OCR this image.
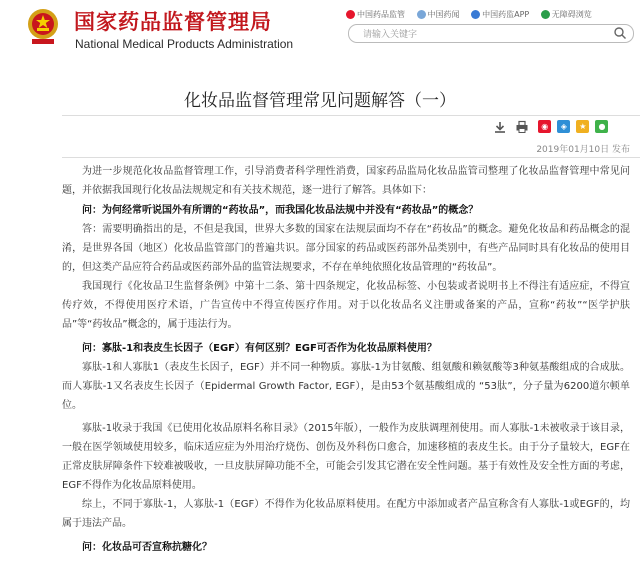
国家药品监督管理局
National Medical Products Administration
中国药品监管	中国药闻	中国药监APP	无障碍浏览
请输入关键字
化妆品监督管理常见问题解答（一）
◉ ◈ ★ ●
2019年01月10日 发布

为进一步规范化妆品监督管理工作，引导消费者科学理性消费，国家药品监局化妆品监管司整理了化妆品监督管理中常见问题，并依据我国现行化妆品法规规定和有关技术规范，逐一进行了解答。具体如下：

问：为何经常听说国外有所谓的“药妆品”，而我国化妆品法规中并没有“药妆品”的概念？

答：需要明确指出的是，不但是我国，世界大多数的国家在法规层面均不存在“药妆品”的概念。避免化妆品和药品概念的混淆，是世界各国（地区）化妆品监管部门的普遍共识。部分国家的药品或医药部外品类别中，有些产品同时具有化妆品的使用目的，但这类产品应符合药品或医药部外品的监管法规要求，不存在单纯依照化妆品管理的“药妆品”。

我国现行《化妆品卫生监督条例》中第十二条、第十四条规定，化妆品标签、小包装或者说明书上不得注有适应症，不得宣传疗效，不得使用医疗术语，广告宣传中不得宣传医疗作用。对于以化妆品名义注册或备案的产品，宣称“药妆”“医学护肤品”等“药妆品”概念的，属于违法行为。

问：寡肽-1和表皮生长因子（EGF）有何区别？EGF可否作为化妆品原料使用？

寡肽-1和人寡肽1（表皮生长因子，EGF）并不同一种物质。寡肽-1为甘氨酸、组氨酸和赖氨酸等3种氨基酸组成的合成肽。而人寡肽-1又名表皮生长因子（Epidermal Growth Factor, EGF），是由53个氨基酸组成的 “53肽”，分子量为6200道尔顿单位。

寡肽-1收录于我国《已使用化妆品原料名称目录》（2015年版），一般作为皮肤调理剂使用。而人寡肽-1未被收录于该目录，一般在医学领域使用较多，临床适应症为外用治疗烧伤、创伤及外科伤口愈合，加速移植的表皮生长。由于分子量较大，EGF在正常皮肤屏障条件下较难被吸收，一旦皮肤屏障功能不全，可能会引发其它潜在安全性问题。基于有效性及安全性方面的考虑，EGF不得作为化妆品原料使用。

综上，不同于寡肽-1，人寡肽-1（EGF）不得作为化妆品原料使用。在配方中添加或者产品宣称含有人寡肽-1或EGF的，均属于违法产品。

问：化妆品可否宣称抗糖化？
